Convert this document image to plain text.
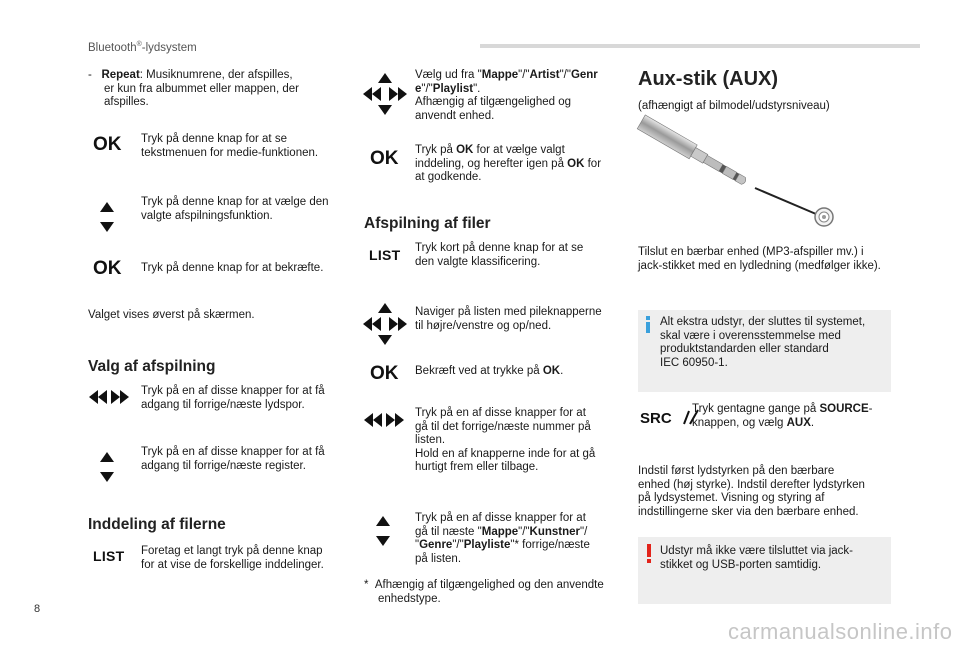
Bluetooth®-lydsystem
8
- Repeat: Musiknumrene, der afspilles,
er kun fra albummet eller mappen, der
afspilles.
OK Tryk på denne knap for at se
tekstmenuen for medie-funktionen.
Tryk på denne knap for at vælge den
valgte afspilningsfunktion.
OK Tryk på denne knap for at bekræfte.
Valget vises øverst på skærmen.
Valg af afspilning
Tryk på en af disse knapper for at få
adgang til forrige/næste lydspor.
Tryk på en af disse knapper for at få
adgang til forrige/næste register.
Inddeling af filerne
LIST Foretag et langt tryk på denne knap
for at vise de forskellige inddelinger.
Vælg ud fra "Mappe"/"Artist"/"Genr
e"/"Playlist".
Afhængig af tilgængelighed og
anvendt enhed.
OK Tryk på OK for at vælge valgt
inddeling, og herefter igen på OK for
at godkende.
Afspilning af filer
LIST Tryk kort på denne knap for at se
den valgte klassificering.
Naviger på listen med pileknapperne
til højre/venstre og op/ned.
OK Bekræft ved at trykke på OK.
Tryk på en af disse knapper for at
gå til det forrige/næste nummer på
listen.
Hold en af knapperne inde for at gå
hurtigt frem eller tilbage.
Tryk på en af disse knapper for at
gå til næste "Mappe"/"Kunstner"/
"Genre"/"Playliste"* forrige/næste
på listen.
* Afhængig af tilgængelighed og den anvendte
enhedstype.
Aux-stik (AUX)
(afhængigt af bilmodel/udstyrsniveau)
Tilslut en bærbar enhed (MP3-afspiller mv.) i
jack-stikket med en lydledning (medfølger ikke).
Alt ekstra udstyr, der sluttes til systemet,
skal være i overensstemmelse med
produktstandarden eller standard
IEC 60950-1.
SRC
Tryk gentagne gange på SOURCE-
knappen, og vælg AUX.
Indstil først lydstyrken på den bærbare
enhed (høj styrke). Indstil derefter lydstyrken
på lydsystemet. Visning og styring af
indstillingerne sker via den bærbare enhed.
Udstyr må ikke være tilsluttet via jack-
stikket og USB-porten samtidig.
carmanualsonline.info
